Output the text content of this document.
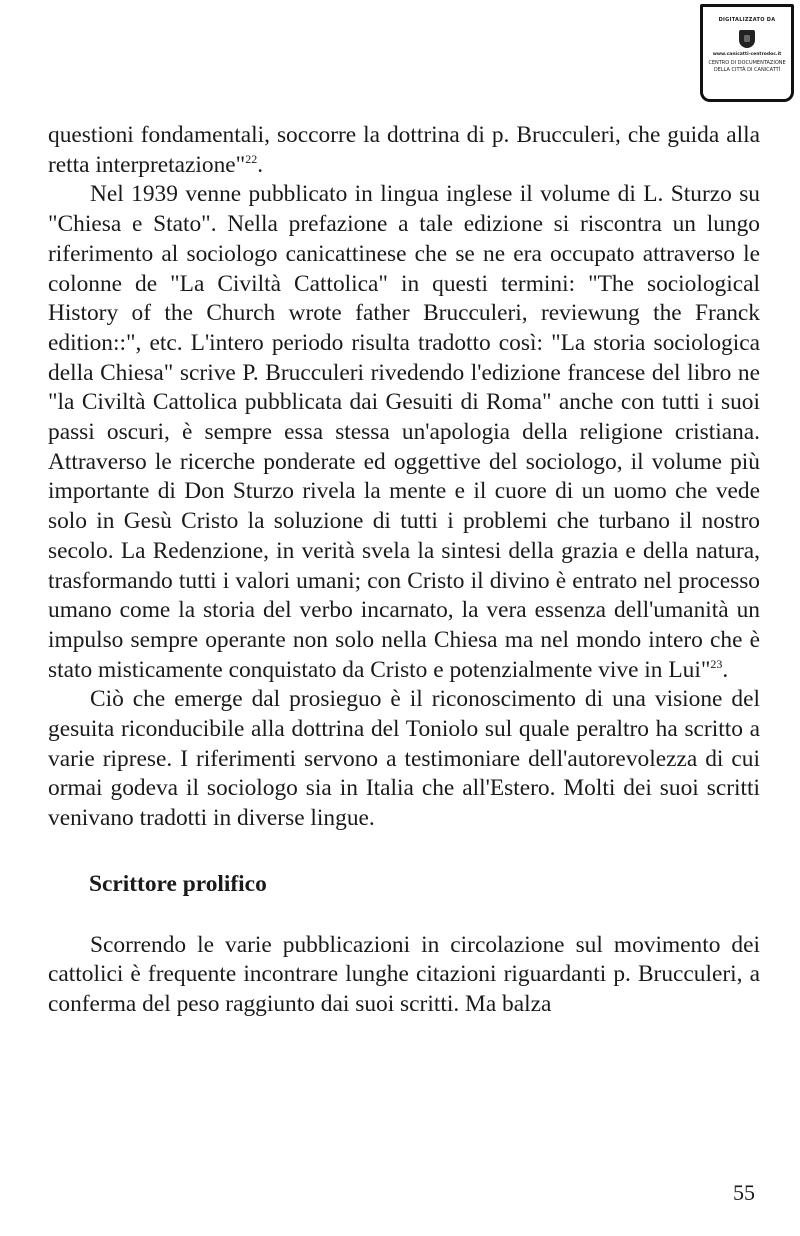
DIGITALIZZATO DA
www.canicatti-centrodoc.it
CENTRO DI DOCUMENTAZIONE
DELLA CITTÀ DI CANICATTÌ

questioni fondamentali, soccorre la dottrina di p. Brucculeri, che guida alla retta interpretazione"$^{22}$.

Nel 1939 venne pubblicato in lingua inglese il volume di L. Sturzo su "Chiesa e Stato". Nella prefazione a tale edizione si riscontra un lungo riferimento al sociologo canicattinese che se ne era occupato attraverso le colonne de "La Civiltà Cattolica" in questi termini: "The sociological History of the Church wrote father Brucculeri, reviewung the Franck edition::", etc. L'intero periodo risulta tradotto così: "La storia sociologica della Chiesa" scrive P. Brucculeri rivedendo l'edizione francese del libro ne "la Civiltà Cattolica pubblicata dai Gesuiti di Roma" anche con tutti i suoi passi oscuri, è sempre essa stessa un'apologia della religione cristiana. Attraverso le ricerche ponderate ed oggettive del sociologo, il volume più importante di Don Sturzo rivela la mente e il cuore di un uomo che vede solo in Gesù Cristo la soluzione di tutti i problemi che turbano il nostro secolo. La Redenzione, in verità svela la sintesi della grazia e della natura, trasformando tutti i valori umani; con Cristo il divino è entrato nel processo umano come la storia del verbo incarnato, la vera essenza dell'umanità un impulso sempre operante non solo nella Chiesa ma nel mondo intero che è stato misticamente conquistato da Cristo e potenzialmente vive in Lui"$^{23}$.

Ciò che emerge dal prosieguo è il riconoscimento di una visione del gesuita riconducibile alla dottrina del Toniolo sul quale peraltro ha scritto a varie riprese. I riferimenti servono a testimoniare dell'autorevolezza di cui ormai godeva il sociologo sia in Italia che all'Estero. Molti dei suoi scritti venivano tradotti in diverse lingue.

Scrittore prolifico

Scorrendo le varie pubblicazioni in circolazione sul movimento dei cattolici è frequente incontrare lunghe citazioni riguardanti p. Brucculeri, a conferma del peso raggiunto dai suoi scritti. Ma balza

55
